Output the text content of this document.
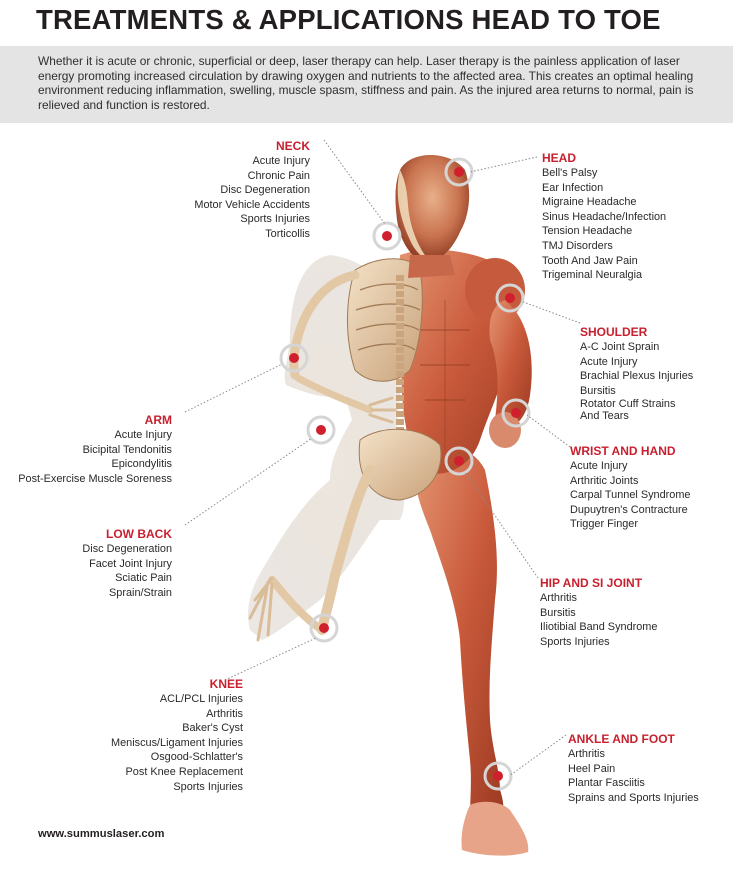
TREATMENTS & APPLICATIONS HEAD TO TOE
Whether it is acute or chronic, superficial or deep, laser therapy can help. Laser therapy is the painless application of laser energy promoting increased circulation by drawing oxygen and nutrients to the affected area. This creates an optimal healing environment reducing inflammation, swelling, muscle spasm, stiffness and pain. As the injured area returns to normal, pain is relieved and function is restored.
NECK
Acute Injury
Chronic Pain
Disc Degeneration
Motor Vehicle Accidents
Sports Injuries
Torticollis
HEAD
Bell's Palsy
Ear Infection
Migraine Headache
Sinus Headache/Infection
Tension Headache
TMJ Disorders
Tooth And Jaw Pain
Trigeminal Neuralgia
SHOULDER
A-C Joint Sprain
Acute Injury
Brachial Plexus Injuries
Bursitis
Rotator Cuff Strains
And Tears
ARM
Acute Injury
Bicipital Tendonitis
Epicondylitis
Post-Exercise Muscle Soreness
WRIST AND HAND
Acute Injury
Arthritic Joints
Carpal Tunnel Syndrome
Dupuytren's Contracture
Trigger Finger
LOW BACK
Disc Degeneration
Facet Joint Injury
Sciatic Pain
Sprain/Strain
HIP AND SI JOINT
Arthritis
Bursitis
Iliotibial Band Syndrome
Sports Injuries
KNEE
ACL/PCL Injuries
Arthritis
Baker's Cyst
Meniscus/Ligament Injuries
Osgood-Schlatter's
Post Knee Replacement
Sports Injuries
ANKLE AND FOOT
Arthritis
Heel Pain
Plantar Fasciitis
Sprains and Sports Injuries
www.summuslaser.com
